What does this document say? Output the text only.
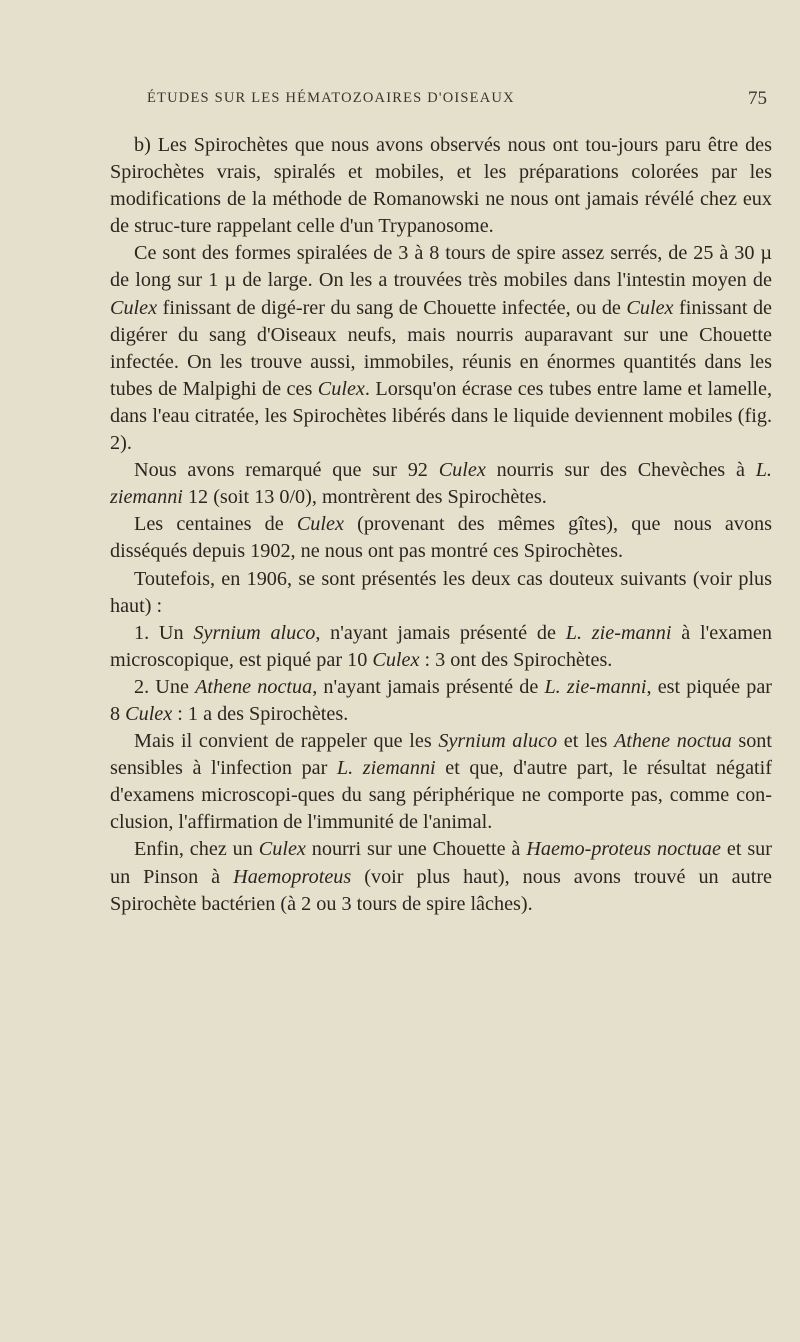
ÉTUDES SUR LES HÉMATOZOAIRES D'OISEAUX	75

b) Les Spirochètes que nous avons observés nous ont tou-jours paru être des Spirochètes vrais, spiralés et mobiles, et les préparations colorées par les modifications de la méthode de Romanowski ne nous ont jamais révélé chez eux de struc-ture rappelant celle d'un Trypanosome.

Ce sont des formes spiralées de 3 à 8 tours de spire assez serrés, de 25 à 30 µ de long sur 1 µ de large. On les a trouvées très mobiles dans l'intestin moyen de Culex finissant de digé-rer du sang de Chouette infectée, ou de Culex finissant de digérer du sang d'Oiseaux neufs, mais nourris auparavant sur une Chouette infectée. On les trouve aussi, immobiles, réunis en énormes quantités dans les tubes de Malpighi de ces Culex. Lorsqu'on écrase ces tubes entre lame et lamelle, dans l'eau citratée, les Spirochètes libérés dans le liquide deviennent mobiles (fig. 2).

Nous avons remarqué que sur 92 Culex nourris sur des Chevèches à L. ziemanni 12 (soit 13 0/0), montrèrent des Spirochètes.

Les centaines de Culex (provenant des mêmes gîtes), que nous avons disséqués depuis 1902, ne nous ont pas montré ces Spirochètes.

Toutefois, en 1906, se sont présentés les deux cas douteux suivants (voir plus haut) :

1. Un Syrnium aluco, n'ayant jamais présenté de L. zie-manni à l'examen microscopique, est piqué par 10 Culex : 3 ont des Spirochètes.

2. Une Athene noctua, n'ayant jamais présenté de L. zie-manni, est piquée par 8 Culex : 1 a des Spirochètes.

Mais il convient de rappeler que les Syrnium aluco et les Athene noctua sont sensibles à l'infection par L. ziemanni et que, d'autre part, le résultat négatif d'examens microscopi-ques du sang périphérique ne comporte pas, comme con-clusion, l'affirmation de l'immunité de l'animal.

Enfin, chez un Culex nourri sur une Chouette à Haemo-proteus noctuae et sur un Pinson à Haemoproteus (voir plus haut), nous avons trouvé un autre Spirochète bactérien (à 2 ou 3 tours de spire lâches).
